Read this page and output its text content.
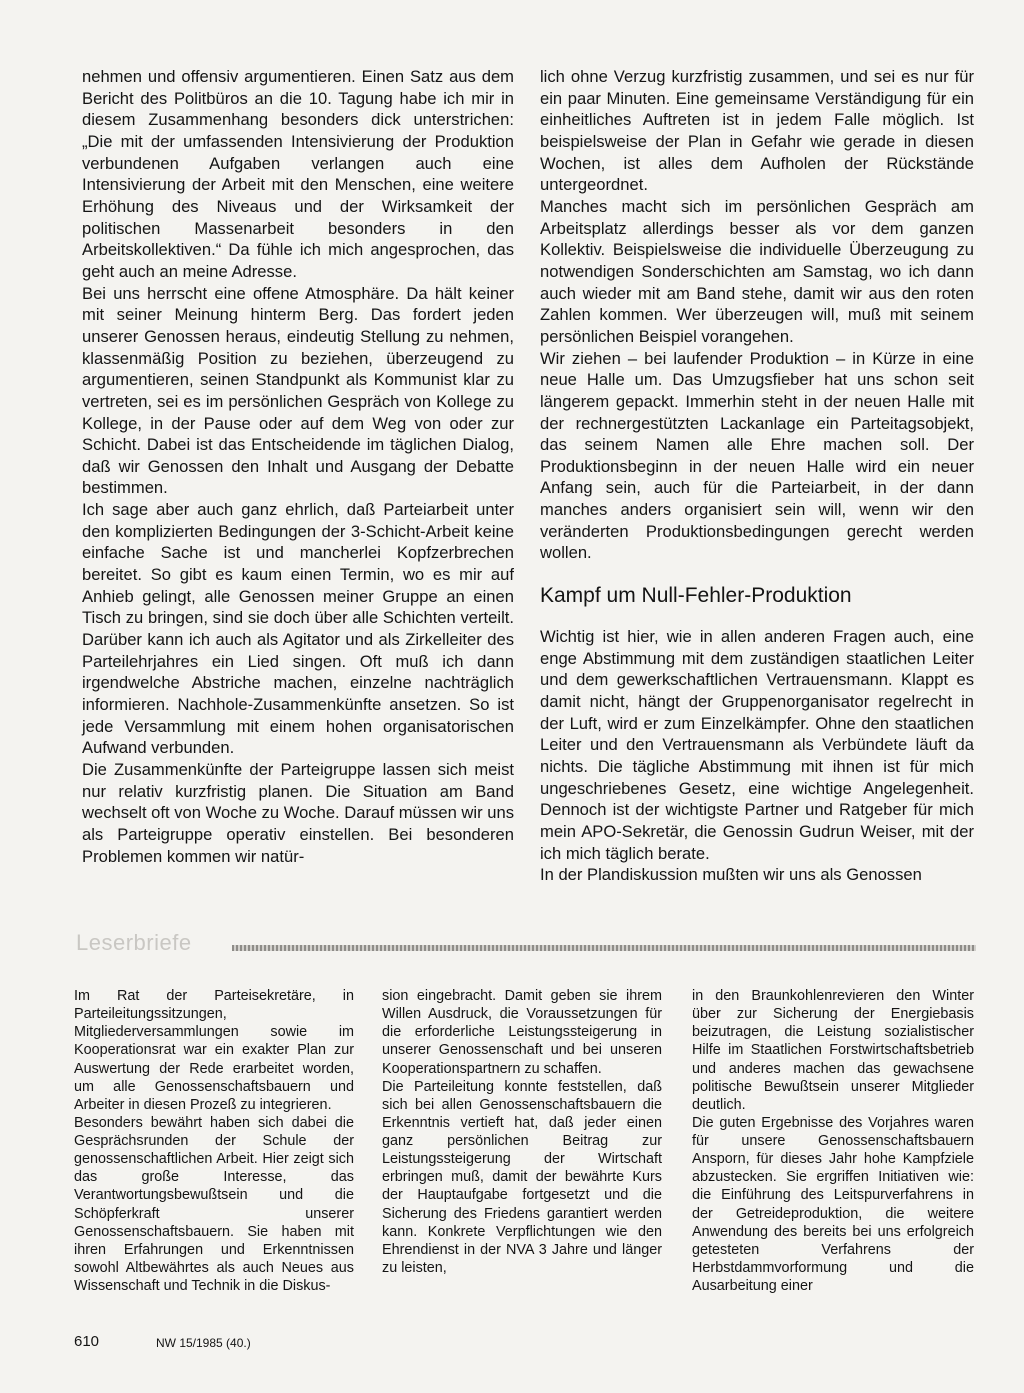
nehmen und offensiv argumentieren. Einen Satz aus dem Bericht des Politbüros an die 10. Tagung habe ich mir in diesem Zusammenhang besonders dick unterstrichen: „Die mit der umfassenden Intensivierung der Produktion verbundenen Aufgaben verlangen auch eine Intensivierung der Arbeit mit den Menschen, eine weitere Erhöhung des Niveaus und der Wirksamkeit der politischen Massenarbeit besonders in den Arbeitskollektiven.“ Da fühle ich mich angesprochen, das geht auch an meine Adresse.

Bei uns herrscht eine offene Atmosphäre. Da hält keiner mit seiner Meinung hinterm Berg. Das fordert jeden unserer Genossen heraus, eindeutig Stellung zu nehmen, klassenmäßig Position zu beziehen, überzeugend zu argumentieren, seinen Standpunkt als Kommunist klar zu vertreten, sei es im persönlichen Gespräch von Kollege zu Kollege, in der Pause oder auf dem Weg von oder zur Schicht. Dabei ist das Entscheidende im täglichen Dialog, daß wir Genossen den Inhalt und Ausgang der Debatte bestimmen.

Ich sage aber auch ganz ehrlich, daß Parteiarbeit unter den komplizierten Bedingungen der 3-Schicht-Arbeit keine einfache Sache ist und mancherlei Kopfzerbrechen bereitet. So gibt es kaum einen Termin, wo es mir auf Anhieb gelingt, alle Genossen meiner Gruppe an einen Tisch zu bringen, sind sie doch über alle Schichten verteilt. Darüber kann ich auch als Agitator und als Zirkelleiter des Parteilehrjahres ein Lied singen. Oft muß ich dann irgendwelche Abstriche machen, einzelne nachträglich informieren. Nachhole-Zusammenkünfte ansetzen. So ist jede Versammlung mit einem hohen organisatorischen Aufwand verbunden.

Die Zusammenkünfte der Parteigruppe lassen sich meist nur relativ kurzfristig planen. Die Situation am Band wechselt oft von Woche zu Woche. Darauf müssen wir uns als Parteigruppe operativ einstellen. Bei besonderen Problemen kommen wir natür-

lich ohne Verzug kurzfristig zusammen, und sei es nur für ein paar Minuten. Eine gemeinsame Verständigung für ein einheitliches Auftreten ist in jedem Falle möglich. Ist beispielsweise der Plan in Gefahr wie gerade in diesen Wochen, ist alles dem Aufholen der Rückstände untergeordnet.

Manches macht sich im persönlichen Gespräch am Arbeitsplatz allerdings besser als vor dem ganzen Kollektiv. Beispielsweise die individuelle Überzeugung zu notwendigen Sonderschichten am Samstag, wo ich dann auch wieder mit am Band stehe, damit wir aus den roten Zahlen kommen. Wer überzeugen will, muß mit seinem persönlichen Beispiel vorangehen.

Wir ziehen – bei laufender Produktion – in Kürze in eine neue Halle um. Das Umzugsfieber hat uns schon seit längerem gepackt. Immerhin steht in der neuen Halle mit der rechnergestützten Lackanlage ein Parteitagsobjekt, das seinem Namen alle Ehre machen soll. Der Produktionsbeginn in der neuen Halle wird ein neuer Anfang sein, auch für die Parteiarbeit, in der dann manches anders organisiert sein will, wenn wir den veränderten Produktionsbedingungen gerecht werden wollen.

Kampf um Null-Fehler-Produktion

Wichtig ist hier, wie in allen anderen Fragen auch, eine enge Abstimmung mit dem zuständigen staatlichen Leiter und dem gewerkschaftlichen Vertrauensmann. Klappt es damit nicht, hängt der Gruppenorganisator regelrecht in der Luft, wird er zum Einzelkämpfer. Ohne den staatlichen Leiter und den Vertrauensmann als Verbündete läuft da nichts. Die tägliche Abstimmung mit ihnen ist für mich ungeschriebenes Gesetz, eine wichtige Angelegenheit. Dennoch ist der wichtigste Partner und Ratgeber für mich mein APO-Sekretär, die Genossin Gudrun Weiser, mit der ich mich täglich berate.

In der Plandiskussion mußten wir uns als Genossen

Leserbriefe

Im Rat der Parteisekretäre, in Parteileitungssitzungen, Mitgliederversammlungen sowie im Kooperationsrat war ein exakter Plan zur Auswertung der Rede erarbeitet worden, um alle Genossenschaftsbauern und Arbeiter in diesen Prozeß zu integrieren.

Besonders bewährt haben sich dabei die Gesprächsrunden der Schule der genossenschaftlichen Arbeit. Hier zeigt sich das große Interesse, das Verantwortungsbewußtsein und die Schöpferkraft unserer Genossenschaftsbauern. Sie haben mit ihren Erfahrungen und Erkenntnissen sowohl Altbewährtes als auch Neues aus Wissenschaft und Technik in die Diskus-

sion eingebracht. Damit geben sie ihrem Willen Ausdruck, die Voraussetzungen für die erforderliche Leistungssteigerung in unserer Genossenschaft und bei unseren Kooperationspartnern zu schaffen.

Die Parteileitung konnte feststellen, daß sich bei allen Genossenschaftsbauern die Erkenntnis vertieft hat, daß jeder einen ganz persönlichen Beitrag zur Leistungssteigerung der Wirtschaft erbringen muß, damit der bewährte Kurs der Hauptaufgabe fortgesetzt und die Sicherung des Friedens garantiert werden kann. Konkrete Verpflichtungen wie den Ehrendienst in der NVA 3 Jahre und länger zu leisten,

in den Braunkohlenrevieren den Winter über zur Sicherung der Energiebasis beizutragen, die Leistung sozialistischer Hilfe im Staatlichen Forstwirtschaftsbetrieb und anderes machen das gewachsene politische Bewußtsein unserer Mitglieder deutlich.

Die guten Ergebnisse des Vorjahres waren für unsere Genossenschaftsbauern Ansporn, für dieses Jahr hohe Kampfziele abzustecken. Sie ergriffen Initiativen wie: die Einführung des Leitspurverfahrens in der Getreideproduktion, die weitere Anwendung des bereits bei uns erfolgreich getesteten Verfahrens der Herbstdammvorformung und die Ausarbeitung einer

610	NW 15/1985 (40.)
